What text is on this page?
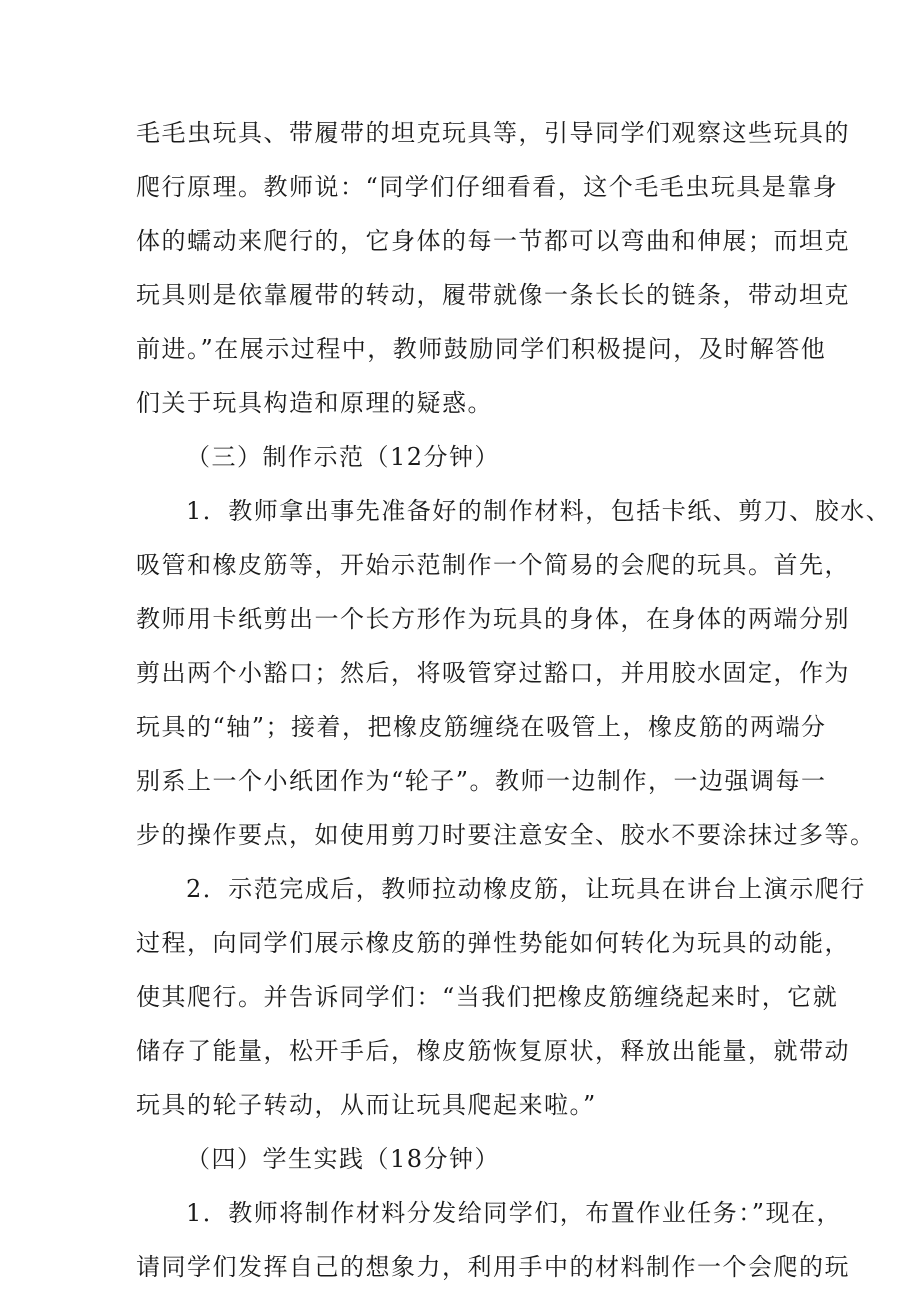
毛毛虫玩具、带履带的坦克玩具等，引导同学们观察这些玩具的
爬行原理。教师说：“同学们仔细看看，这个毛毛虫玩具是靠身
体的蠕动来爬行的，它身体的每一节都可以弯曲和伸展；而坦克
玩具则是依靠履带的转动，履带就像一条长长的链条，带动坦克
前进。”在展示过程中，教师鼓励同学们积极提问，及时解答他
们关于玩具构造和原理的疑惑。
（三）制作示范（12分钟）
1．教师拿出事先准备好的制作材料，包括卡纸、剪刀、胶水、
吸管和橡皮筋等，开始示范制作一个简易的会爬的玩具。首先，
教师用卡纸剪出一个长方形作为玩具的身体，在身体的两端分别
剪出两个小豁口；然后，将吸管穿过豁口，并用胶水固定，作为
玩具的“轴”；接着，把橡皮筋缠绕在吸管上，橡皮筋的两端分
别系上一个小纸团作为“轮子”。教师一边制作，一边强调每一
步的操作要点，如使用剪刀时要注意安全、胶水不要涂抹过多等。
2．示范完成后，教师拉动橡皮筋，让玩具在讲台上演示爬行
过程，向同学们展示橡皮筋的弹性势能如何转化为玩具的动能，
使其爬行。并告诉同学们：“当我们把橡皮筋缠绕起来时，它就
储存了能量，松开手后，橡皮筋恢复原状，释放出能量，就带动
玩具的轮子转动，从而让玩具爬起来啦。”
（四）学生实践（18分钟）
1．教师将制作材料分发给同学们，布置作业任务：”现在，
请同学们发挥自己的想象力，利用手中的材料制作一个会爬的玩
